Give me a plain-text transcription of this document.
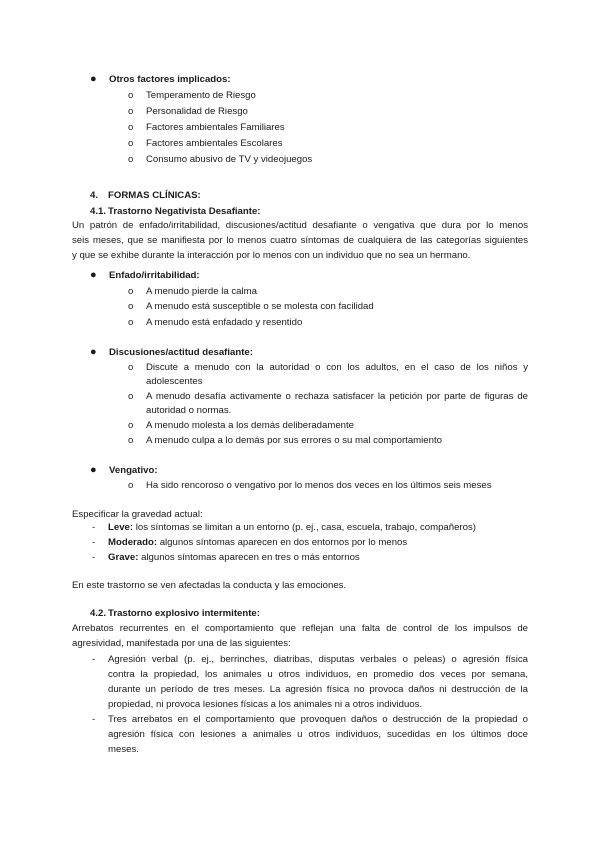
● Otros factores implicados:
o Temperamento de Riesgo
o Personalidad de Riesgo
o Factores ambientales Familiares
o Factores ambientales Escolares
o Consumo abusivo de TV y videojuegos
4. FORMAS CLÍNICAS:
4.1. Trastorno Negativista Desafiante:
Un patrón de enfado/irritabilidad, discusiones/actitud desafiante o vengativa que dura por lo menos
seis meses, que se manifiesta por lo menos cuatro síntomas de cualquiera de las categorías siguientes
y que se exhibe durante la interacción por lo menos con un individuo que no sea un hermano.
● Enfado/irritabilidad:
o A menudo pierde la calma
o A menudo está susceptible o se molesta con facilidad
o A menudo está enfadado y resentido
● Discusiones/actitud desafiante:
o Discute a menudo con la autoridad o con los adultos, en el caso de los niños y
adolescentes
o A menudo desafía activamente o rechaza satisfacer la petición por parte de figuras de
autoridad o normas.
o A menudo molesta a los demás deliberadamente
o A menudo culpa a lo demás por sus errores o su mal comportamiento
● Vengativo:
o Ha sido rencoroso o vengativo por lo menos dos veces en los últimos seis meses
Especificar la gravedad actual:
- Leve: los síntomas se limitan a un entorno (p. ej., casa, escuela, trabajo, compañeros)
- Moderado: algunos síntomas aparecen en dos entornos por lo menos
- Grave: algunos síntomas aparecen en tres o más entornos
En este trastorno se ven afectadas la conducta y las emociones.
4.2. Trastorno explosivo intermitente:
Arrebatos recurrentes en el comportamiento que reflejan una falta de control de los impulsos de
agresividad, manifestada por una de las siguientes:
- Agresión verbal (p. ej., berrinches, diatribas, disputas verbales o peleas) o agresión física
contra la propiedad, los animales u otros individuos, en promedio dos veces por semana,
durante un período de tres meses. La agresión física no provoca daños ni destrucción de la
propiedad, ni provoca lesiones físicas a los animales ni a otros individuos.
- Tres arrebatos en el comportamiento que provoquen daños o destrucción de la propiedad o
agresión física con lesiones a animales u otros individuos, sucedidas en los últimos doce
meses.
